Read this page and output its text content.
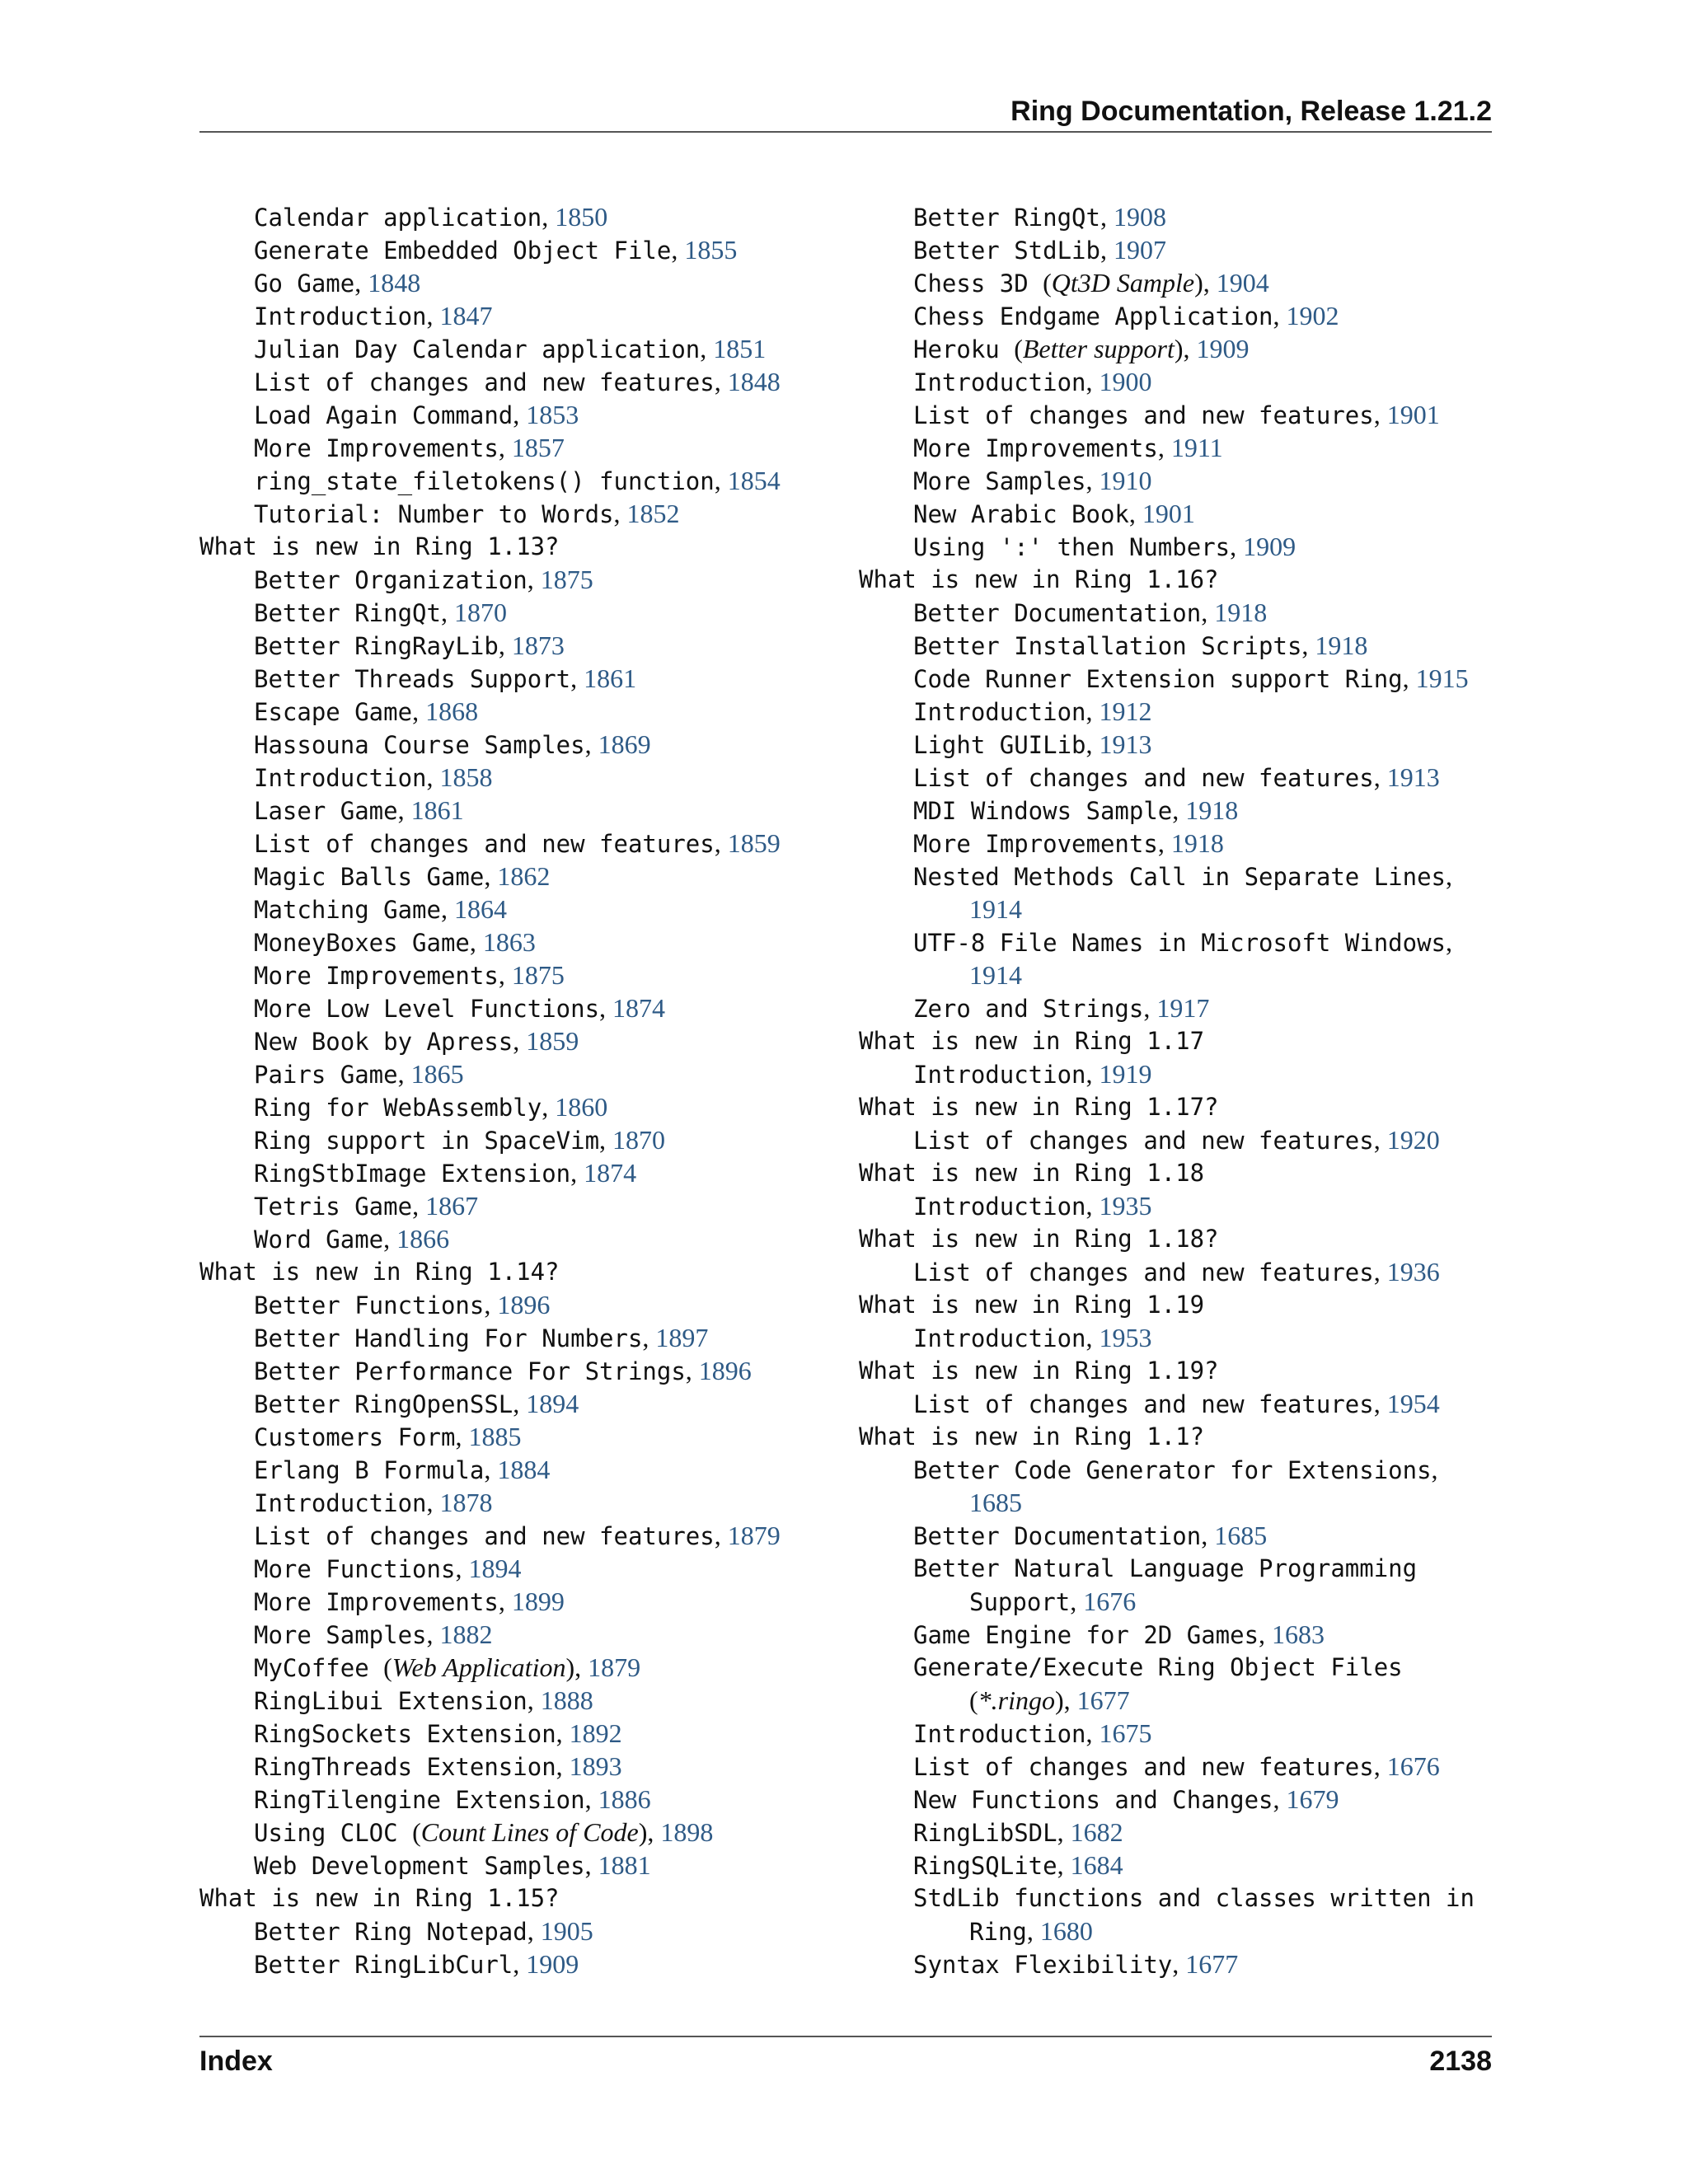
Ring Documentation, Release 1.21.2
Calendar application, 1850
Generate Embedded Object File, 1855
Go Game, 1848
Introduction, 1847
Julian Day Calendar application, 1851
List of changes and new features, 1848
Load Again Command, 1853
More Improvements, 1857
ring_state_filetokens() function, 1854
Tutorial: Number to Words, 1852
What is new in Ring 1.13?
Better Organization, 1875
Better RingQt, 1870
Better RingRayLib, 1873
Better Threads Support, 1861
Escape Game, 1868
Hassouna Course Samples, 1869
Introduction, 1858
Laser Game, 1861
List of changes and new features, 1859
Magic Balls Game, 1862
Matching Game, 1864
MoneyBoxes Game, 1863
More Improvements, 1875
More Low Level Functions, 1874
New Book by Apress, 1859
Pairs Game, 1865
Ring for WebAssembly, 1860
Ring support in SpaceVim, 1870
RingStbImage Extension, 1874
Tetris Game, 1867
Word Game, 1866
What is new in Ring 1.14?
Better Functions, 1896
Better Handling For Numbers, 1897
Better Performance For Strings, 1896
Better RingOpenSSL, 1894
Customers Form, 1885
Erlang B Formula, 1884
Introduction, 1878
List of changes and new features, 1879
More Functions, 1894
More Improvements, 1899
More Samples, 1882
MyCoffee (Web Application), 1879
RingLibui Extension, 1888
RingSockets Extension, 1892
RingThreads Extension, 1893
RingTilengine Extension, 1886
Using CLOC (Count Lines of Code), 1898
Web Development Samples, 1881
What is new in Ring 1.15?
Better Ring Notepad, 1905
Better RingLibCurl, 1909
Better RingQt, 1908
Better StdLib, 1907
Chess 3D (Qt3D Sample), 1904
Chess Endgame Application, 1902
Heroku (Better support), 1909
Introduction, 1900
List of changes and new features, 1901
More Improvements, 1911
More Samples, 1910
New Arabic Book, 1901
Using ':' then Numbers, 1909
What is new in Ring 1.16?
Better Documentation, 1918
Better Installation Scripts, 1918
Code Runner Extension support Ring, 1915
Introduction, 1912
Light GUILib, 1913
List of changes and new features, 1913
MDI Windows Sample, 1918
More Improvements, 1918
Nested Methods Call in Separate Lines,
1914
UTF-8 File Names in Microsoft Windows,
1914
Zero and Strings, 1917
What is new in Ring 1.17
Introduction, 1919
What is new in Ring 1.17?
List of changes and new features, 1920
What is new in Ring 1.18
Introduction, 1935
What is new in Ring 1.18?
List of changes and new features, 1936
What is new in Ring 1.19
Introduction, 1953
What is new in Ring 1.19?
List of changes and new features, 1954
What is new in Ring 1.1?
Better Code Generator for Extensions,
1685
Better Documentation, 1685
Better Natural Language Programming
Support, 1676
Game Engine for 2D Games, 1683
Generate/Execute Ring Object Files
(*.ringo), 1677
Introduction, 1675
List of changes and new features, 1676
New Functions and Changes, 1679
RingLibSDL, 1682
RingSQLite, 1684
StdLib functions and classes written in
Ring, 1680
Syntax Flexibility, 1677
Index	2138
